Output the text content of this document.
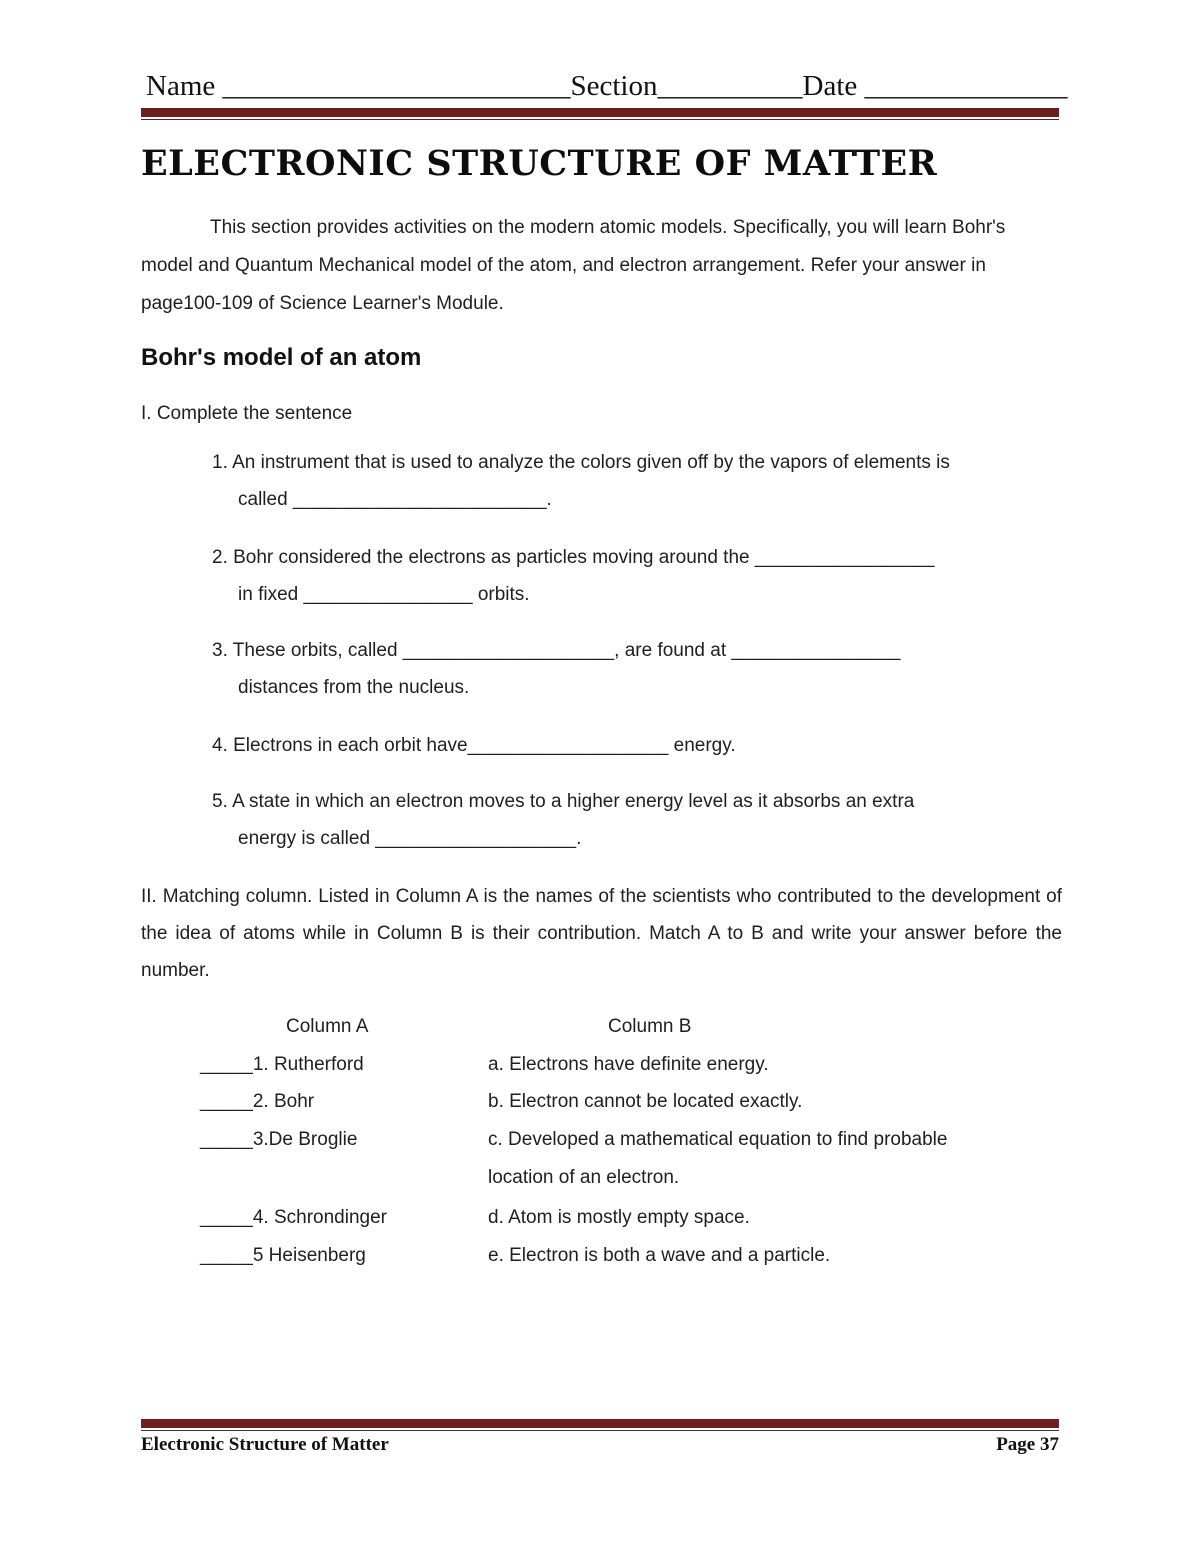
Name ________________________Section__________Date ______________
ELECTRONIC STRUCTURE OF MATTER
This section provides activities on the modern atomic models. Specifically, you will learn Bohr's model and Quantum Mechanical model of the atom, and electron arrangement. Refer your answer in page100-109 of Science Learner's Module.
Bohr's model of an atom
I. Complete the sentence
1. An instrument that is used to analyze the colors given off by the vapors of elements is
called ________________________.
2. Bohr considered the electrons as particles moving around the _________________
in fixed ________________ orbits.
3. These orbits, called ____________________, are found at ________________
distances from the nucleus.
4. Electrons in each orbit have___________________ energy.
5. A state in which an electron moves to a higher energy level as it absorbs an extra
energy is called ___________________.
II. Matching column. Listed in Column A is the names of the scientists who contributed to the development of the idea of atoms while in Column B is their contribution. Match A to B and write your answer before the number.
Column A	Column B
_____1. Rutherford
_____2. Bohr
_____3.De Broglie
_____4. Schrondinger
_____5 Heisenberg
a. Electrons have definite energy.
b. Electron cannot be located exactly.
c. Developed a mathematical equation to find probable location of an electron.
d. Atom is mostly empty space.
e. Electron is both a wave and a particle.
Electronic Structure of Matter	Page 37
